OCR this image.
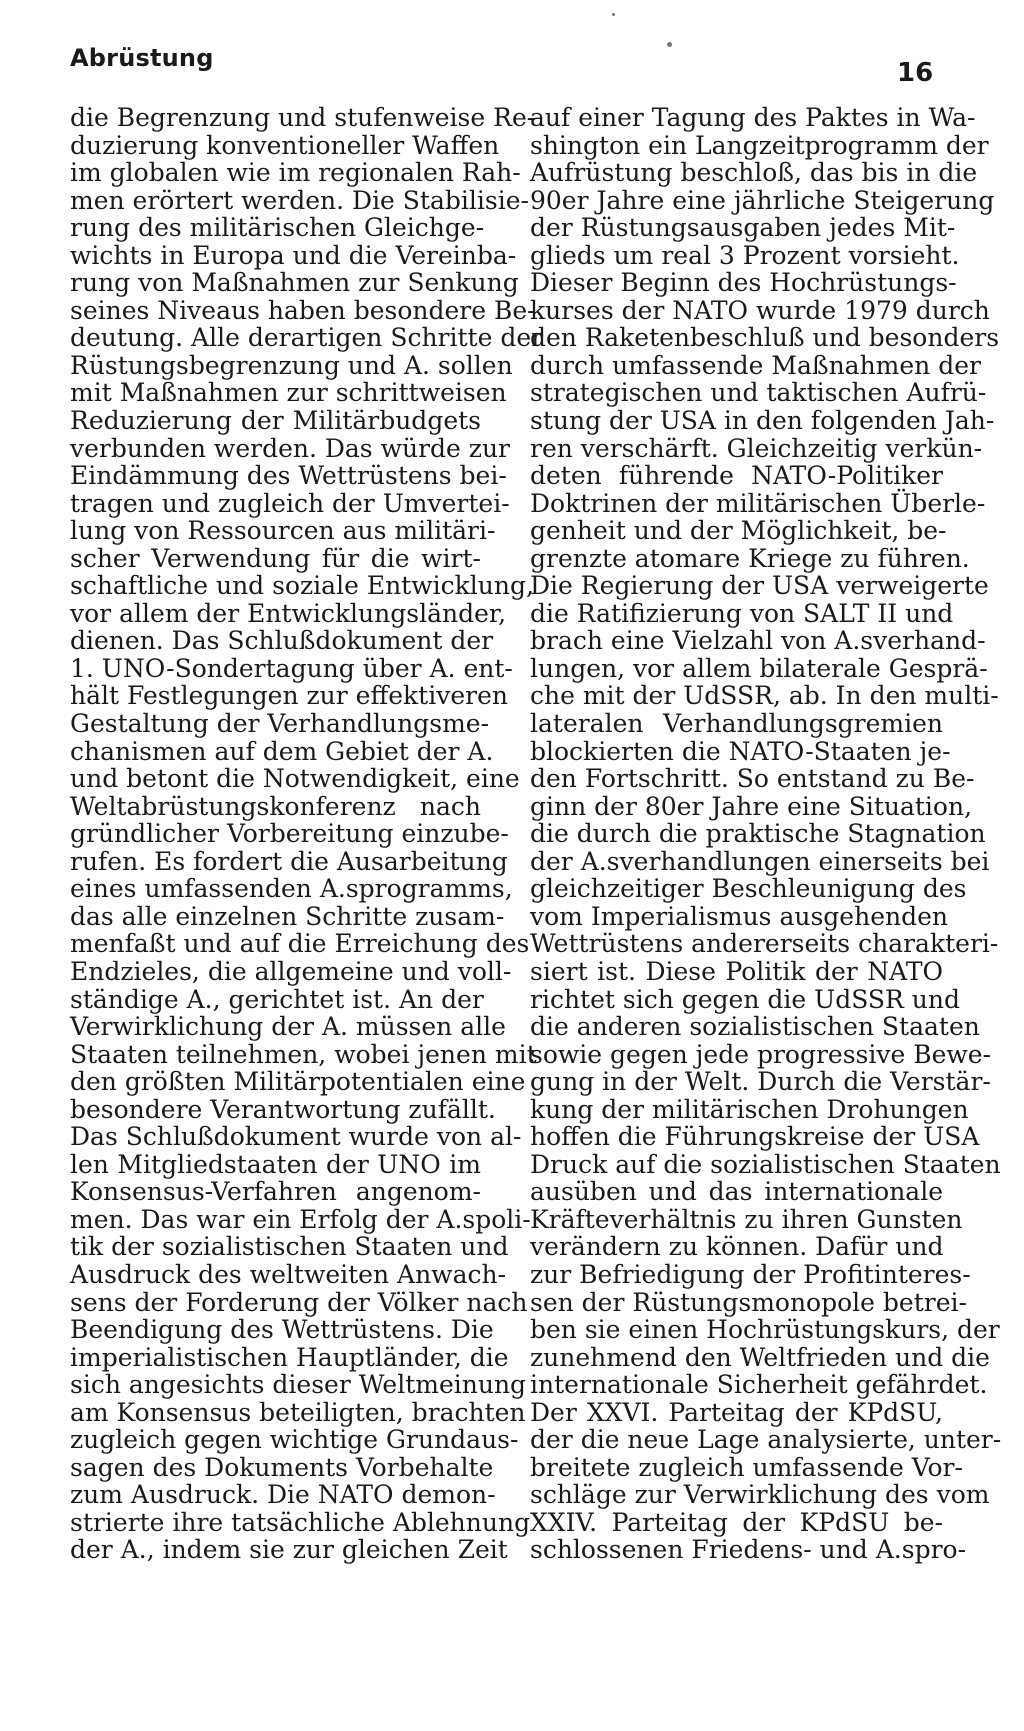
Abrüstung	16
die Begrenzung und stufenweise Re-
duzierung konventioneller Waffen
im globalen wie im regionalen Rah-
men erörtert werden. Die Stabilisie-
rung des militärischen Gleichge-
wichts in Europa und die Vereinba-
rung von Maßnahmen zur Senkung
seines Niveaus haben besondere Be-
deutung. Alle derartigen Schritte der
Rüstungsbegrenzung und A. sollen
mit Maßnahmen zur schrittweisen
Reduzierung der Militärbudgets
verbunden werden. Das würde zur
Eindämmung des Wettrüstens bei-
tragen und zugleich der Umvertei-
lung von Ressourcen aus militäri-
scher Verwendung für die wirt-
schaftliche und soziale Entwicklung,
vor allem der Entwicklungsländer,
dienen. Das Schlußdokument der
1. UNO-Sondertagung über A. ent-
hält Festlegungen zur effektiveren
Gestaltung der Verhandlungsme-
chanismen auf dem Gebiet der A.
und betont die Notwendigkeit, eine
Weltabrüstungskonferenz nach
gründlicher Vorbereitung einzube-
rufen. Es fordert die Ausarbeitung
eines umfassenden A.sprogramms,
das alle einzelnen Schritte zusam-
menfaßt und auf die Erreichung des
Endzieles, die allgemeine und voll-
ständige A., gerichtet ist. An der
Verwirklichung der A. müssen alle
Staaten teilnehmen, wobei jenen mit
den größten Militärpotentialen eine
besondere Verantwortung zufällt.
Das Schlußdokument wurde von al-
len Mitgliedstaaten der UNO im
Konsensus-Verfahren angenom-
men. Das war ein Erfolg der A.spoli-
tik der sozialistischen Staaten und
Ausdruck des weltweiten Anwach-
sens der Forderung der Völker nach
Beendigung des Wettrüstens. Die
imperialistischen Hauptländer, die
sich angesichts dieser Weltmeinung
am Konsensus beteiligten, brachten
zugleich gegen wichtige Grundaus-
sagen des Dokuments Vorbehalte
zum Ausdruck. Die NATO demon-
strierte ihre tatsächliche Ablehnung
der A., indem sie zur gleichen Zeit
auf einer Tagung des Paktes in Wa-
shington ein Langzeitprogramm der
Aufrüstung beschloß, das bis in die
90er Jahre eine jährliche Steigerung
der Rüstungsausgaben jedes Mit-
glieds um real 3 Prozent vorsieht.
Dieser Beginn des Hochrüstungs-
kurses der NATO wurde 1979 durch
den Raketenbeschluß und besonders
durch umfassende Maßnahmen der
strategischen und taktischen Aufrü-
stung der USA in den folgenden Jah-
ren verschärft. Gleichzeitig verkün-
deten führende NATO-Politiker
Doktrinen der militärischen Überle-
genheit und der Möglichkeit, be-
grenzte atomare Kriege zu führen.
Die Regierung der USA verweigerte
die Ratifizierung von SALT II und
brach eine Vielzahl von A.sverhand-
lungen, vor allem bilaterale Gesprä-
che mit der UdSSR, ab. In den multi-
lateralen Verhandlungsgremien
blockierten die NATO-Staaten je-
den Fortschritt. So entstand zu Be-
ginn der 80er Jahre eine Situation,
die durch die praktische Stagnation
der A.sverhandlungen einerseits bei
gleichzeitiger Beschleunigung des
vom Imperialismus ausgehenden
Wettrüstens andererseits charakteri-
siert ist. Diese Politik der NATO
richtet sich gegen die UdSSR und
die anderen sozialistischen Staaten
sowie gegen jede progressive Bewe-
gung in der Welt. Durch die Verstär-
kung der militärischen Drohungen
hoffen die Führungskreise der USA
Druck auf die sozialistischen Staaten
ausüben und das internationale
Kräfteverhältnis zu ihren Gunsten
verändern zu können. Dafür und
zur Befriedigung der Profitinteres-
sen der Rüstungsmonopole betrei-
ben sie einen Hochrüstungskurs, der
zunehmend den Weltfrieden und die
internationale Sicherheit gefährdet.
Der XXVI. Parteitag der KPdSU,
der die neue Lage analysierte, unter-
breitete zugleich umfassende Vor-
schläge zur Verwirklichung des vom
XXIV. Parteitag der KPdSU be-
schlossenen Friedens- und A.spro-
